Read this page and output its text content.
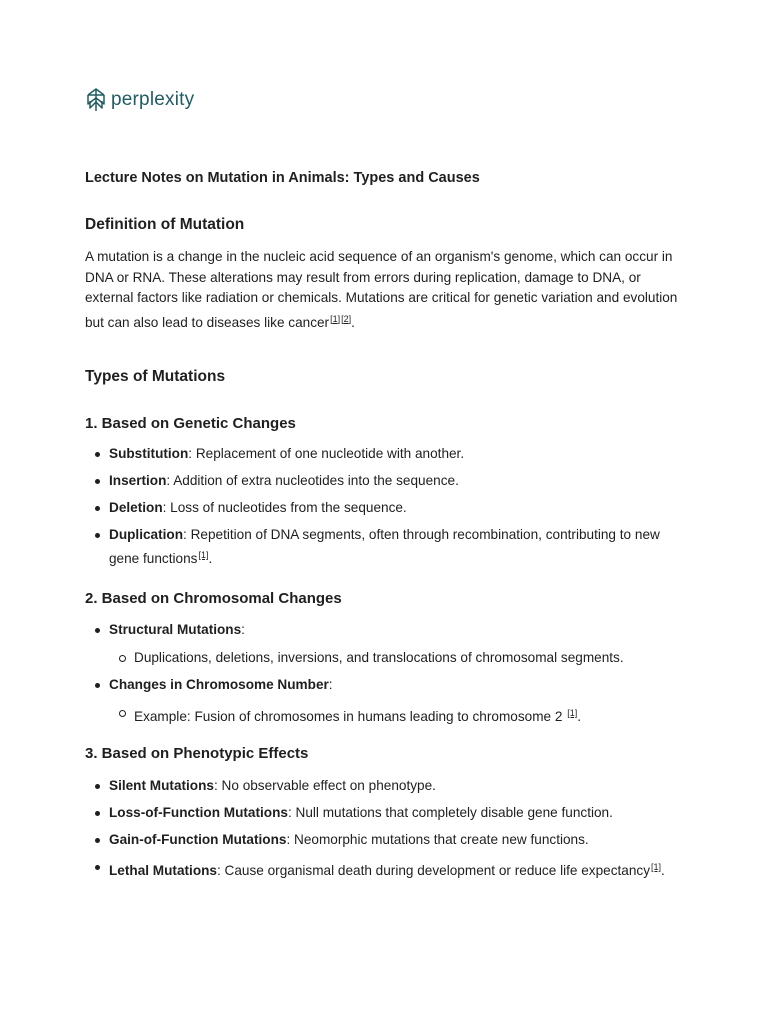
perplexity
Lecture Notes on Mutation in Animals: Types and Causes
Definition of Mutation
A mutation is a change in the nucleic acid sequence of an organism's genome, which can occur in DNA or RNA. These alterations may result from errors during replication, damage to DNA, or external factors like radiation or chemicals. Mutations are critical for genetic variation and evolution but can also lead to diseases like cancer[1][2].
Types of Mutations
1. Based on Genetic Changes
Substitution: Replacement of one nucleotide with another.
Insertion: Addition of extra nucleotides into the sequence.
Deletion: Loss of nucleotides from the sequence.
Duplication: Repetition of DNA segments, often through recombination, contributing to new gene functions[1].
2. Based on Chromosomal Changes
Structural Mutations:
Duplications, deletions, inversions, and translocations of chromosomal segments.
Changes in Chromosome Number:
Example: Fusion of chromosomes in humans leading to chromosome 2 [1].
3. Based on Phenotypic Effects
Silent Mutations: No observable effect on phenotype.
Loss-of-Function Mutations: Null mutations that completely disable gene function.
Gain-of-Function Mutations: Neomorphic mutations that create new functions.
Lethal Mutations: Cause organismal death during development or reduce life expectancy[1].
